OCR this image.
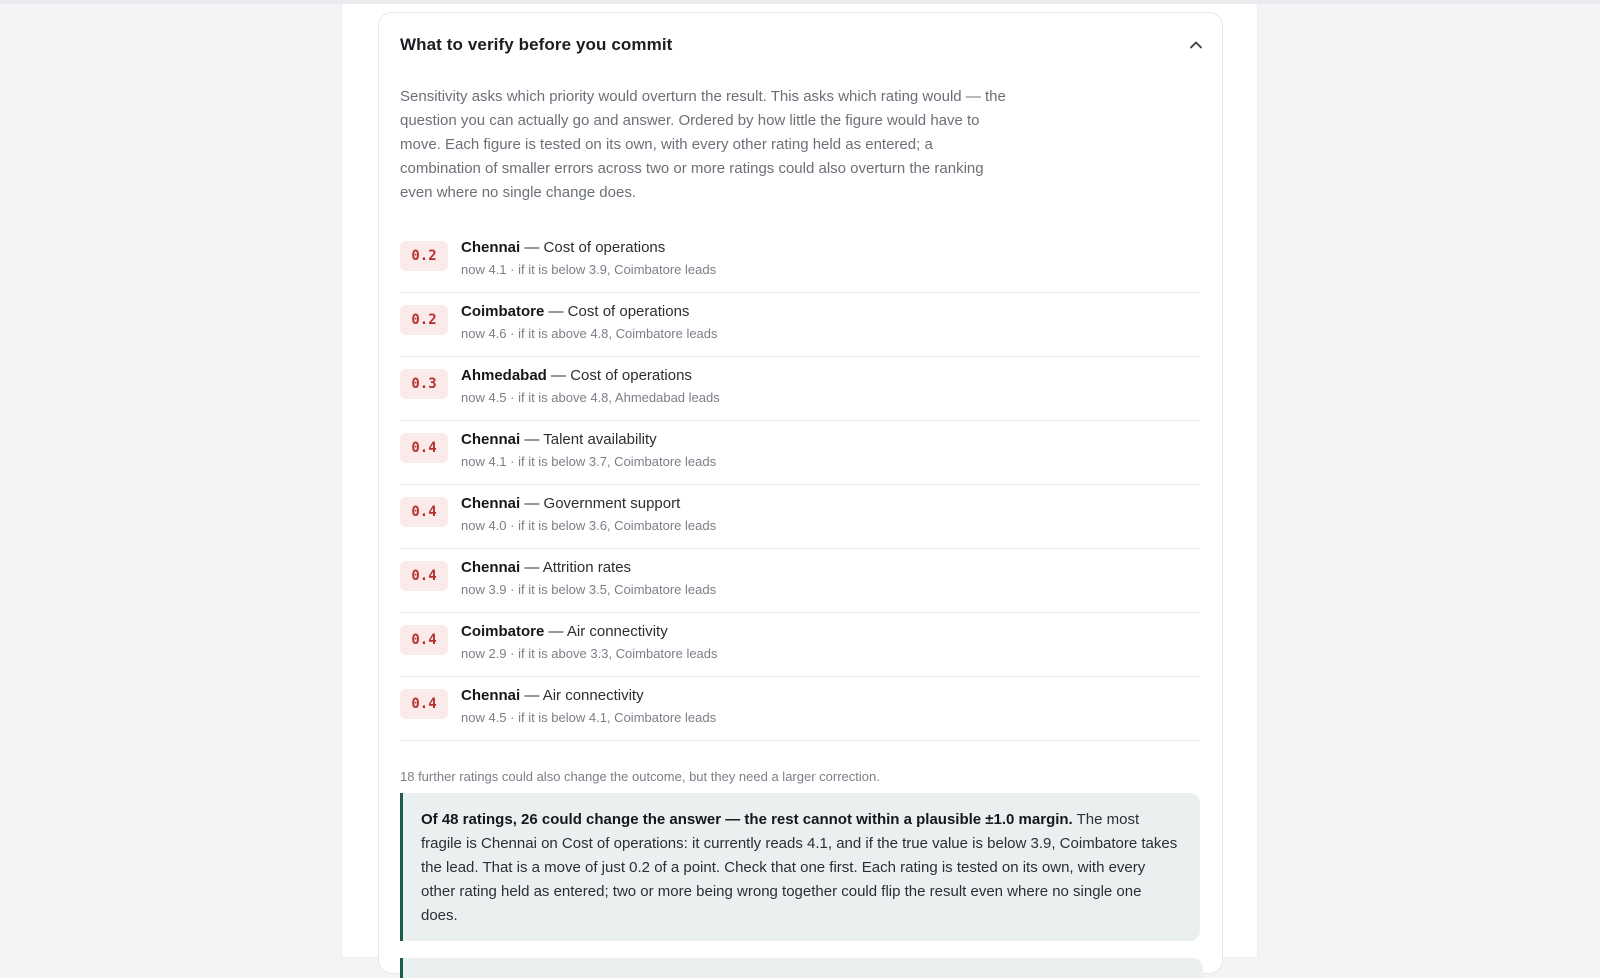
What to verify before you commit
Sensitivity asks which priority would overturn the result. This asks which rating would — the question you can actually go and answer. Ordered by how little the figure would have to move. Each figure is tested on its own, with every other rating held as entered; a combination of smaller errors across two or more ratings could also overturn the ranking even where no single change does.
0.2	Chennai — Cost of operations
now 4.1 · if it is below 3.9, Coimbatore leads
0.2	Coimbatore — Cost of operations
now 4.6 · if it is above 4.8, Coimbatore leads
0.3	Ahmedabad — Cost of operations
now 4.5 · if it is above 4.8, Ahmedabad leads
0.4	Chennai — Talent availability
now 4.1 · if it is below 3.7, Coimbatore leads
0.4	Chennai — Government support
now 4.0 · if it is below 3.6, Coimbatore leads
0.4	Chennai — Attrition rates
now 3.9 · if it is below 3.5, Coimbatore leads
0.4	Coimbatore — Air connectivity
now 2.9 · if it is above 3.3, Coimbatore leads
0.4	Chennai — Air connectivity
now 4.5 · if it is below 4.1, Coimbatore leads
18 further ratings could also change the outcome, but they need a larger correction.
Of 48 ratings, 26 could change the answer — the rest cannot within a plausible ±1.0 margin. The most fragile is Chennai on Cost of operations: it currently reads 4.1, and if the true value is below 3.9, Coimbatore takes the lead. That is a move of just 0.2 of a point. Check that one first. Each rating is tested on its own, with every other rating held as entered; two or more being wrong together could flip the result even where no single one does.
